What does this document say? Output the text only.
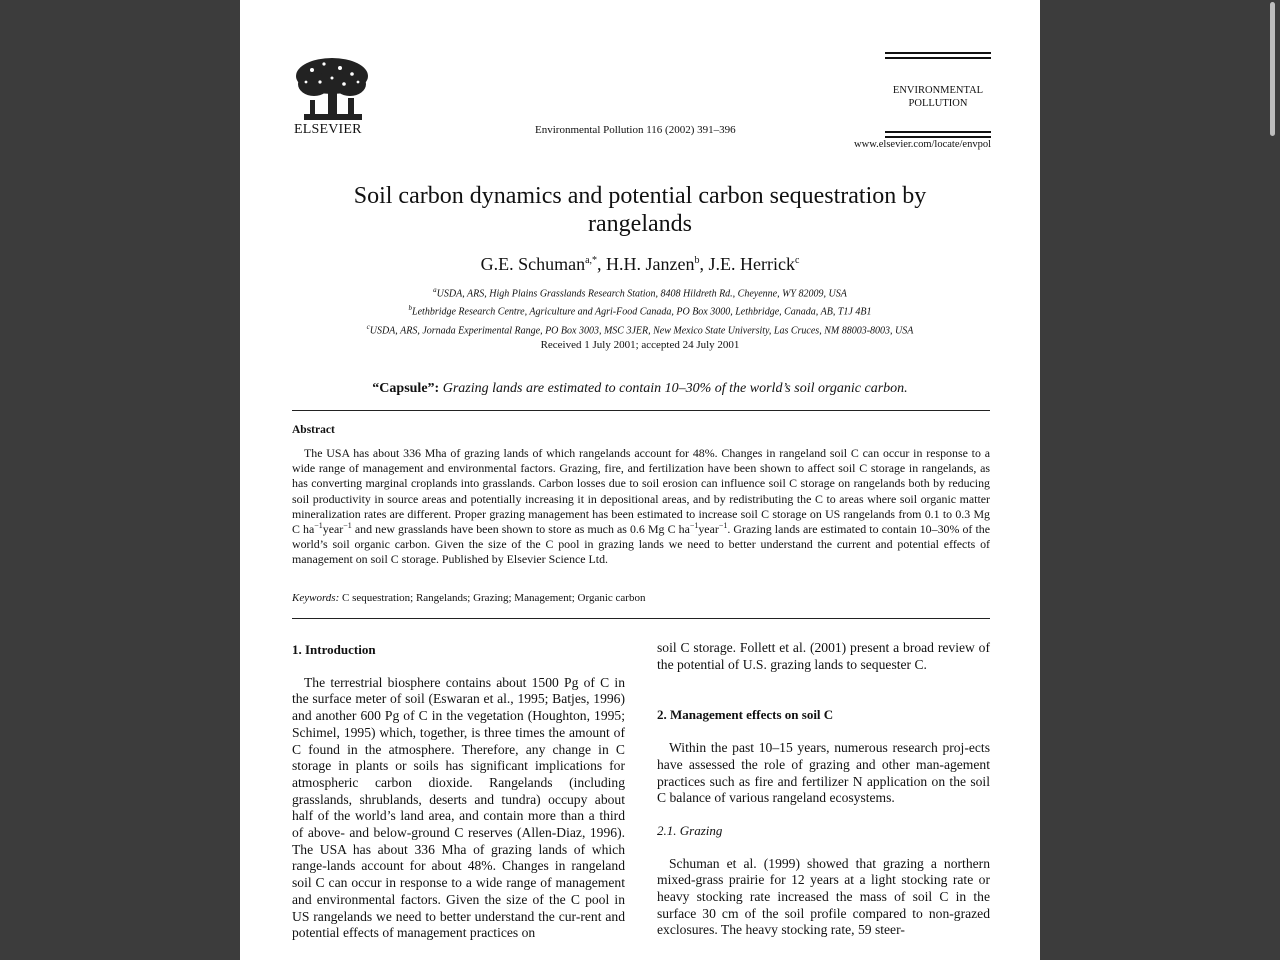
ELSEVIER	Environmental Pollution 116 (2002) 391–396
ENVIRONMENTAL POLLUTION
www.elsevier.com/locate/envpol
Soil carbon dynamics and potential carbon sequestration by rangelands
G.E. Schuman$^{a,*}$, H.H. Janzen$^b$, J.E. Herrick$^c$
$^a$USDA, ARS, High Plains Grasslands Research Station, 8408 Hildreth Rd., Cheyenne, WY 82009, USA
$^b$Lethbridge Research Centre, Agriculture and Agri-Food Canada, PO Box 3000, Lethbridge, Canada, AB, T1J 4B1
$^c$USDA, ARS, Jornada Experimental Range, PO Box 3003, MSC 3JER, New Mexico State University, Las Cruces, NM 88003-8003, USA
Received 1 July 2001; accepted 24 July 2001
“Capsule”: Grazing lands are estimated to contain 10–30% of the world’s soil organic carbon.
Abstract

The USA has about 336 Mha of grazing lands of which rangelands account for 48%. Changes in rangeland soil C can occur in response to a wide range of management and environmental factors. Grazing, fire, and fertilization have been shown to affect soil C storage in rangelands, as has converting marginal croplands into grasslands. Carbon losses due to soil erosion can influence soil C storage on rangelands both by reducing soil productivity in source areas and potentially increasing it in depositional areas, and by redistributing the C to areas where soil organic matter mineralization rates are different. Proper grazing management has been estimated to increase soil C storage on US rangelands from 0.1 to 0.3 Mg C $ha^{-1}year^{-1}$ and new grasslands have been shown to store as much as 0.6 Mg C $ha^{-1}year^{-1}$. Grazing lands are estimated to contain 10–30% of the world’s soil organic carbon. Given the size of the C pool in grazing lands we need to better understand the current and potential effects of management on soil C storage. Published by Elsevier Science Ltd.

Keywords: C sequestration; Rangelands; Grazing; Management; Organic carbon
1. Introduction

The terrestrial biosphere contains about 1500 Pg of C in the surface meter of soil (Eswaran et al., 1995; Batjes, 1996) and another 600 Pg of C in the vegetation (Houghton, 1995; Schimel, 1995) which, together, is three times the amount of C found in the atmosphere. Therefore, any change in C storage in plants or soils has significant implications for atmospheric carbon dioxide. Rangelands (including grasslands, shrublands, deserts and tundra) occupy about half of the world’s land area, and contain more than a third of above- and below-ground C reserves (Allen-Diaz, 1996). The USA has about 336 Mha of grazing lands of which range-lands account for about 48%. Changes in rangeland soil C can occur in response to a wide range of management and environmental factors. Given the size of the C pool in US rangelands we need to better understand the cur-rent and potential effects of management practices on

soil C storage. Follett et al. (2001) present a broad review of the potential of U.S. grazing lands to sequester C.

2. Management effects on soil C

Within the past 10–15 years, numerous research proj-ects have assessed the role of grazing and other man-agement practices such as fire and fertilizer N application on the soil C balance of various rangeland ecosystems.

2.1. Grazing

Schuman et al. (1999) showed that grazing a northern mixed-grass prairie for 12 years at a light stocking rate or heavy stocking rate increased the mass of soil C in the surface 30 cm of the soil profile compared to non-grazed exclosures. The heavy stocking rate, 59 steer-
